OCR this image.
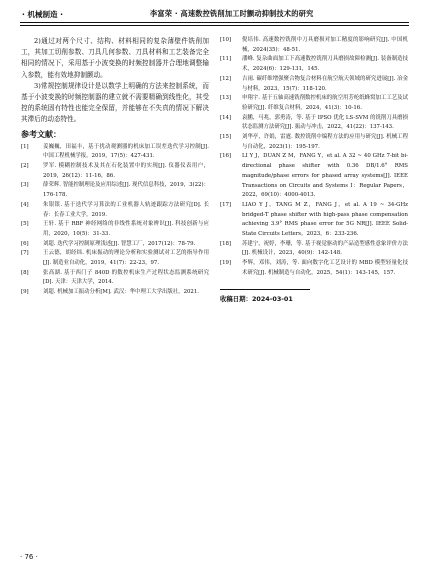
· 机械制造 ·	李富荣 · 高速数控铣削加工时颤动抑制技术的研究

2)通过对两个尺寸、结构、材料相同的复杂薄壁件铣削加工，其加工切削参数、刀具几何参数、刀具材料和工艺装备完全相同的情况下，采用基于小波变换的时频控制器并合理地调整输入参数，能有效地抑制颤动。

3)常规控制规律设计是以数学上明确的方法来控制系统，而基于小波变换的时频控制器的建立就不需要精确到线性化，其受控的系统固有特性也能完全保留，并能够在不失真的情况下解决其滞后的动态特性。

参考文献：
[1]	姜巍巍，田福丰，基于扰动观测器的机床加工误差迭代学习控制[J]. 中国工程机械学报，2019，17(5)：427-431.
[2]	罗军. 模糊控制技术及其在石化装置中的实现[J]. 仪器仪表用户，2019，26(12)：11-16，86.
[3]	薛荣辉. 智能控制理论及应用综述[J]. 现代信息科技，2019，3(22)：176-178.
[4]	朱银银. 基于迭代学习算法的工业机器人轨迹跟踪方法研究[D]. 长春：长春工业大学，2019.
[5]	王轩. 基于 RBF 神经网络的非线性系统对象辨识[J]. 科技创新与应用，2020，10(5)：31-33.
[6]	刘超. 迭代学习控制原理浅述[J]. 智慧工厂，2017(12)：78-79.
[7]	王云德，胡经纬. 机床振动的理论分析和实验测试对工艺的指导作用[J]. 制造业自动化，2019，41(7)：22-23，97.
[8]	张高湖. 基于西门子 840D 的数控机床生产过程状态监测系统研究[D]. 天津：天津大学，2014.
[9]	刘超. 机械加工振动分析[M]. 武汉：华中理工大学出版社，2021.
[10] 倪培伟. 高速数控铣削中刀具磨损对加工精度的影响研究[J]. 中国机械，2024(35)：48-51.
[11] 潘峰. 复杂曲面加工下高速数控铣削刀具磨损故障检测[J]. 装备制造技术，2024(6)：129-131，145.
[12] 吉雨. 碳纤维增强聚合物复合材料在航空航天领域的研究进展[J]. 冶金与材料，2023，15(7)：118-120.
[13] 申翔宇. 基于五轴高速铣削数控机床的航空用芳纶纸蜂窝加工工艺及试验研究[J]. 纤维复合材料，2024，41(3)：10-16.
[14] 袁鹏，马兆，郭勇涛，等. 基于 IPSO 优化 LS-SVM 的铣削刀具磨损状态监测方法研究[J]. 振动与冲击，2022，41(22)：137-143.
[15] 刘华亭，许娟，雷霆. 数控铣削中编程方法的应用与研究[J]. 机械工程与自动化，2023(1)：195-197.
[16] LI Y J，DUAN Z M，FANG Y，et al. A 32 ~ 40 GHz 7-bit bi-directional phase shifter with 0.36 DB/1.6° RMS magnitude/phase errors for phased array systems[J]. IEEE Transactions on Circuits and Systems I：Regular Papers，2022，69(10)：4000-4013.
[17] LIAO Y J，TANG M Z，FANG J，et al. A 19 ~ 34-GHz bridged-T phase shifter with high-pass phase compensation achieving 3.9° RMS phase error for 5G NR[J]. IEEE Solid-State Circuits Letters，2023，6：233-236.
[18] 苏建宁，祝婷，李珊，等. 基于视觉驱动的产品造型感性意象评价方法[J]. 机械设计，2023，40(9)：142-148.
[19] 李辉，邓伟，刘涛，等. 面向数字化工艺设计的 MBD 模型轻量化技术研究[J]. 机械制造与自动化，2025，54(1)：143-145，157.
收稿日期：2024-03-01
· 76 ·
